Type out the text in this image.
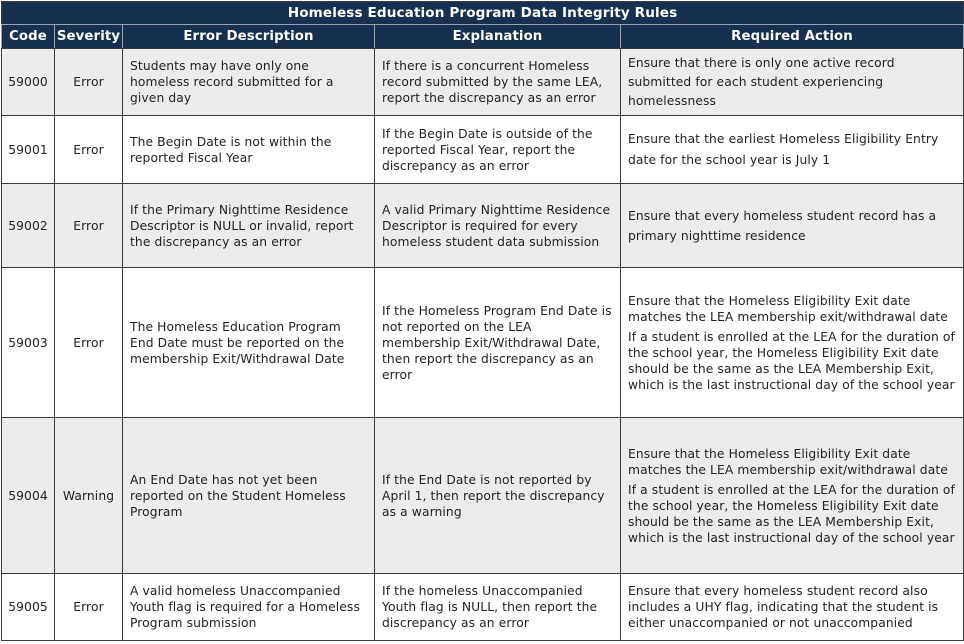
Homeless Education Program Data Integrity Rules				
Code	Severity	Error Description	Explanation	Required Action
59000	Error	Students may have only one homeless record submitted for a given day	If there is a concurrent Homeless record submitted by the same LEA, report the discrepancy as an error	Ensure that there is only one active record submitted for each student experiencing homelessness

59001	Error	The Begin Date is not within the reported Fiscal Year	If the Begin Date is outside of the reported Fiscal Year, report the discrepancy as an error	Ensure that the earliest Homeless Eligibility Entry date for the school year is July 1

59002	Error	If the Primary Nighttime Residence Descriptor is NULL or invalid, report the discrepancy as an error	A valid Primary Nighttime Residence Descriptor is required for every homeless student data submission	Ensure that every homeless student record has a primary nighttime residence

59003	Error	The Homeless Education Program End Date must be reported on the membership Exit/Withdrawal Date	If the Homeless Program End Date is not reported on the LEA membership Exit/Withdrawal Date, then report the discrepancy as an error	Ensure that the Homeless Eligibility Exit date matches the LEA membership exit/withdrawal date
If a student is enrolled at the LEA for the duration of the school year, the Homeless Eligibility Exit date should be the same as the LEA Membership Exit, which is the last instructional day of the school year

59004	Warning	An End Date has not yet been reported on the Student Homeless Program	If the End Date is not reported by April 1, then report the discrepancy as a warning	Ensure that the Homeless Eligibility Exit date matches the LEA membership exit/withdrawal date
If a student is enrolled at the LEA for the duration of the school year, the Homeless Eligibility Exit date should be the same as the LEA Membership Exit, which is the last instructional day of the school year

59005	Error	A valid homeless Unaccompanied Youth flag is required for a Homeless Program submission	If the homeless Unaccompanied Youth flag is NULL, then report the discrepancy as an error	Ensure that every homeless student record also includes a UHY flag, indicating that the student is either unaccompanied or not unaccompanied
